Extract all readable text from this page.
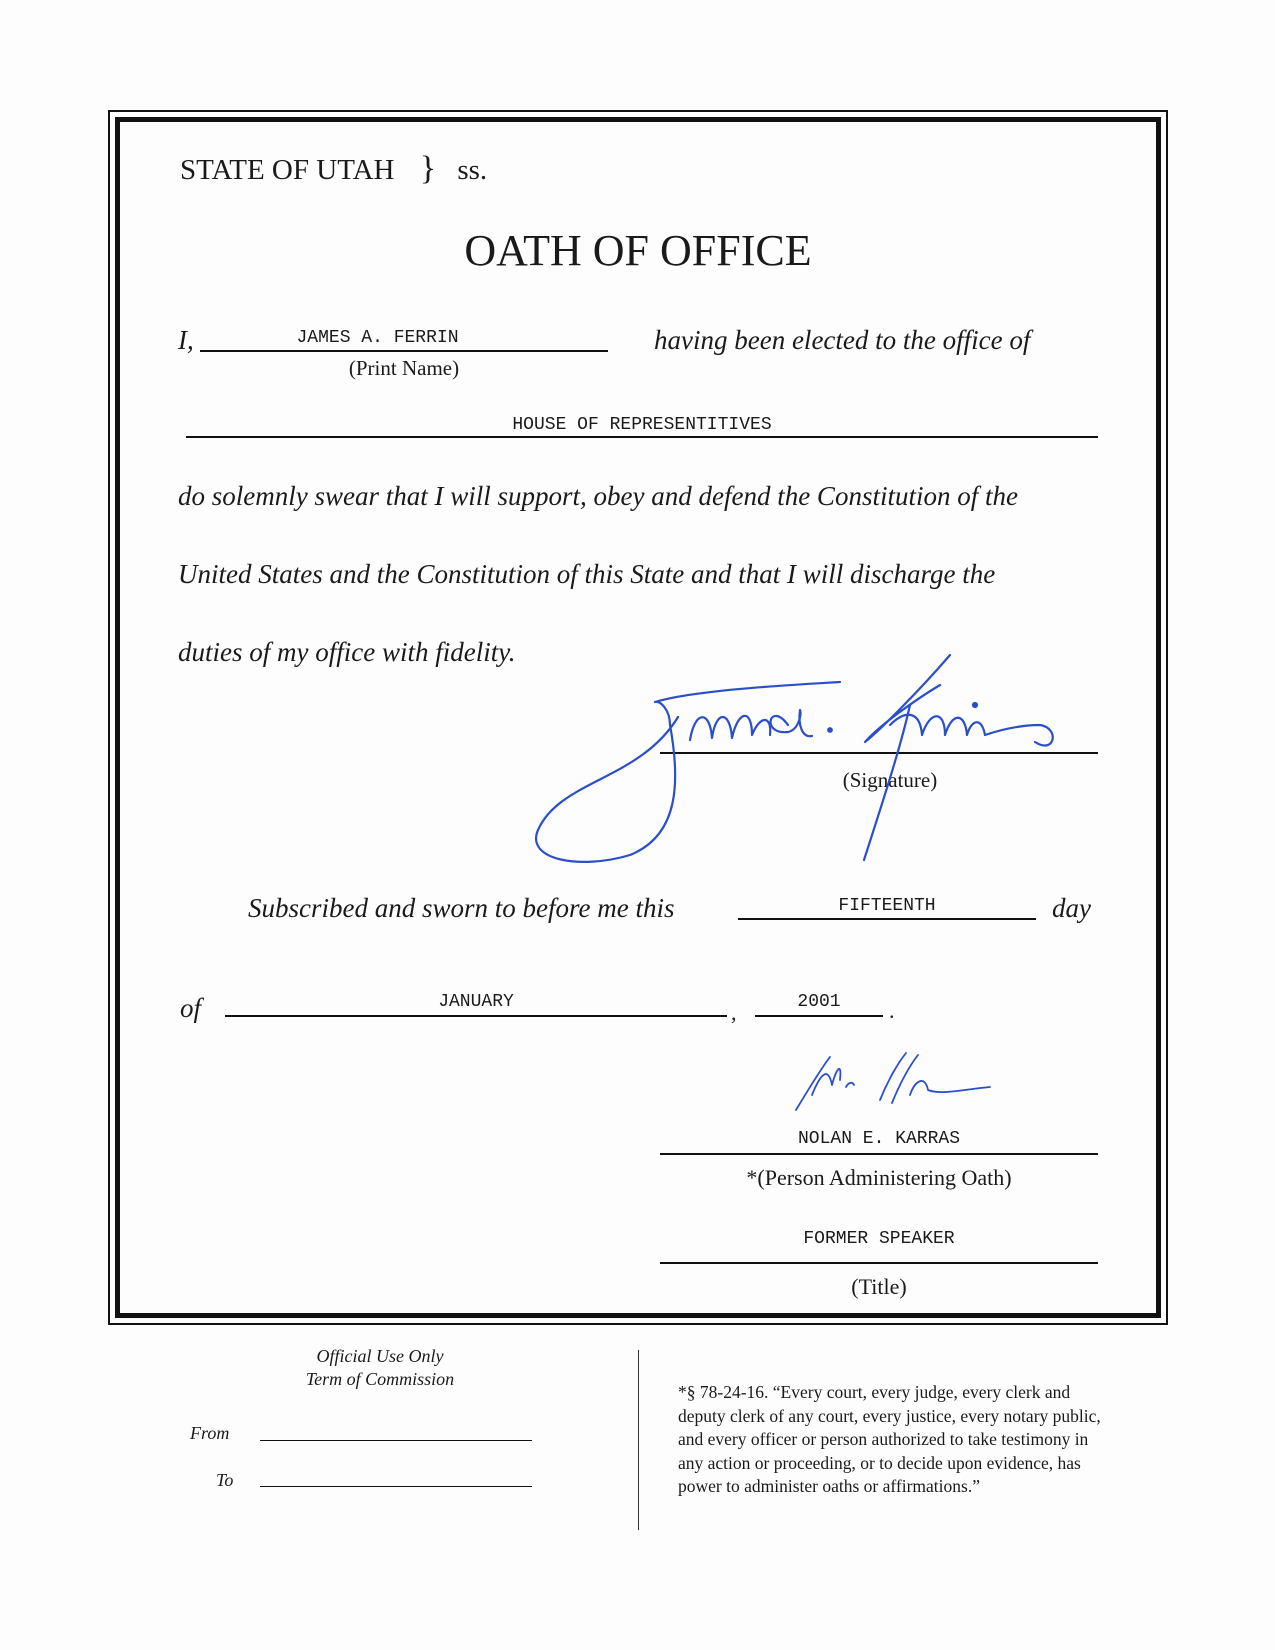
STATE OF UTAH } ss.
OATH OF OFFICE
I,	JAMES A. FERRIN
(Print Name)
having been elected to the office of
HOUSE OF REPRESENTITIVES
do solemnly swear that I will support, obey and defend the Constitution of the
United States and the Constitution of this State and that I will discharge the
duties of my office with fidelity.
(Signature)
James A. Ferrin
Subscribed and sworn to before me this	FIFTEENTH	day
of	JANUARY	,	2001	.
N. Karras
NOLAN E. KARRAS
*(Person Administering Oath)
FORMER SPEAKER
(Title)
Official Use Only
Term of Commission
From
To
*§ 78-24-16. “Every court, every judge, every clerk and
deputy clerk of any court, every justice, every notary public,
and every officer or person authorized to take testimony in
any action or proceeding, or to decide upon evidence, has
power to administer oaths or affirmations.”
